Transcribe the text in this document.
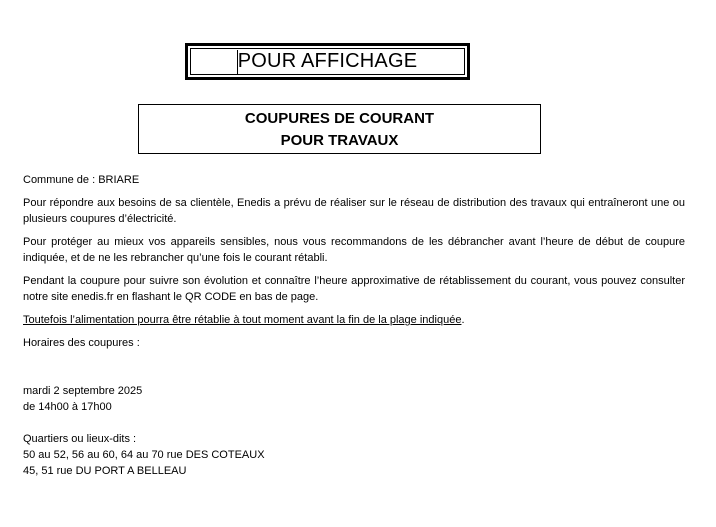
POUR AFFICHAGE
COUPURES DE COURANT
POUR TRAVAUX

Commune de : BRIARE

Pour répondre aux besoins de sa clientèle, Enedis a prévu de réaliser sur le réseau de distribution des travaux qui entraîneront une ou plusieurs coupures d’électricité.

Pour protéger au mieux vos appareils sensibles, nous vous recommandons de les débrancher avant l’heure de début de coupure indiquée, et de ne les rebrancher qu’une fois le courant rétabli.

Pendant la coupure pour suivre son évolution et connaître l’heure approximative de rétablissement du courant, vous pouvez consulter notre site enedis.fr en flashant le QR CODE en bas de page.

Toutefois l’alimentation pourra être rétablie à tout moment avant la fin de la plage indiquée.

Horaires des coupures :

mardi 2 septembre 2025
de 14h00 à 17h00
Quartiers ou lieux-dits :
50 au 52, 56 au 60, 64 au 70 rue DES COTEAUX
45, 51 rue DU PORT A BELLEAU
